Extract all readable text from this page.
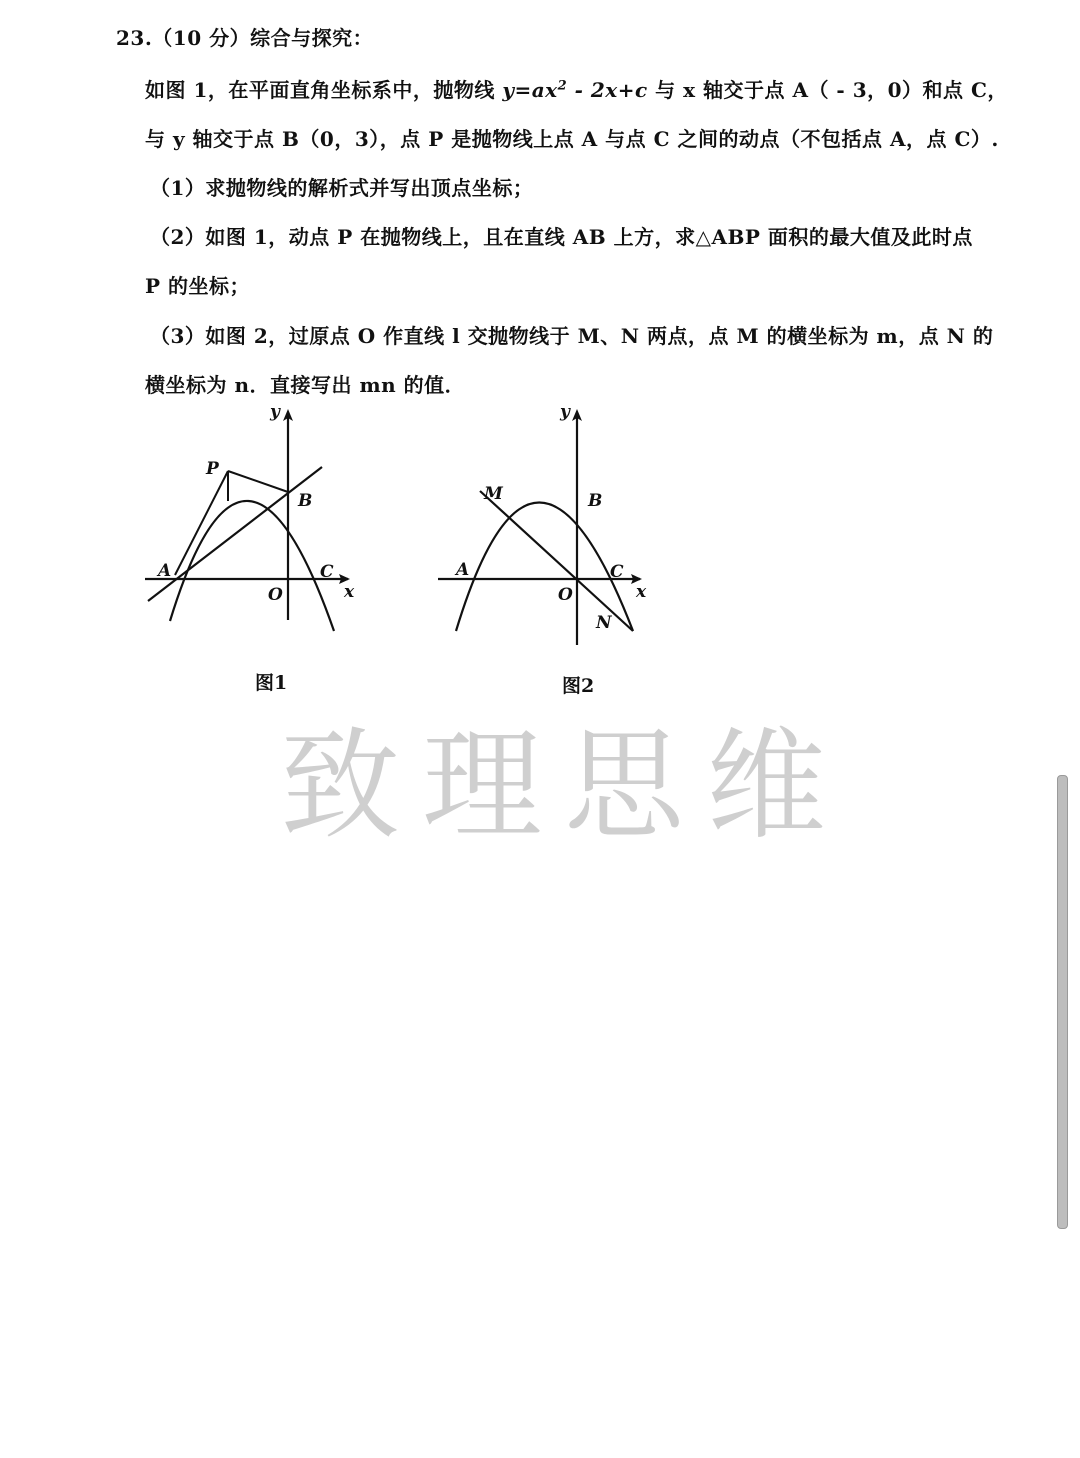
23.（10 分）综合与探究：
如图 1，在平面直角坐标系中，抛物线 $y=ax^2 - 2x+c$ 与 x 轴交于点 A（ - 3，0）和点 C，
与 y 轴交于点 B（0，3），点 P 是抛物线上点 A 与点 C 之间的动点（不包括点 A，点 C）.
（1）求抛物线的解析式并写出顶点坐标；
（2）如图 1，动点 P 在抛物线上，且在直线 AB 上方，求△ABP 面积的最大值及此时点
P 的坐标；
（3）如图 2，过原点 O 作直线 l 交抛物线于 M、N 两点，点 M 的横坐标为 m，点 N 的
横坐标为 n．直接写出 mn 的值．
y
x
P
B
A	C
O
图1
y
x
M	B
A	C
O
N
图2
致理思维
